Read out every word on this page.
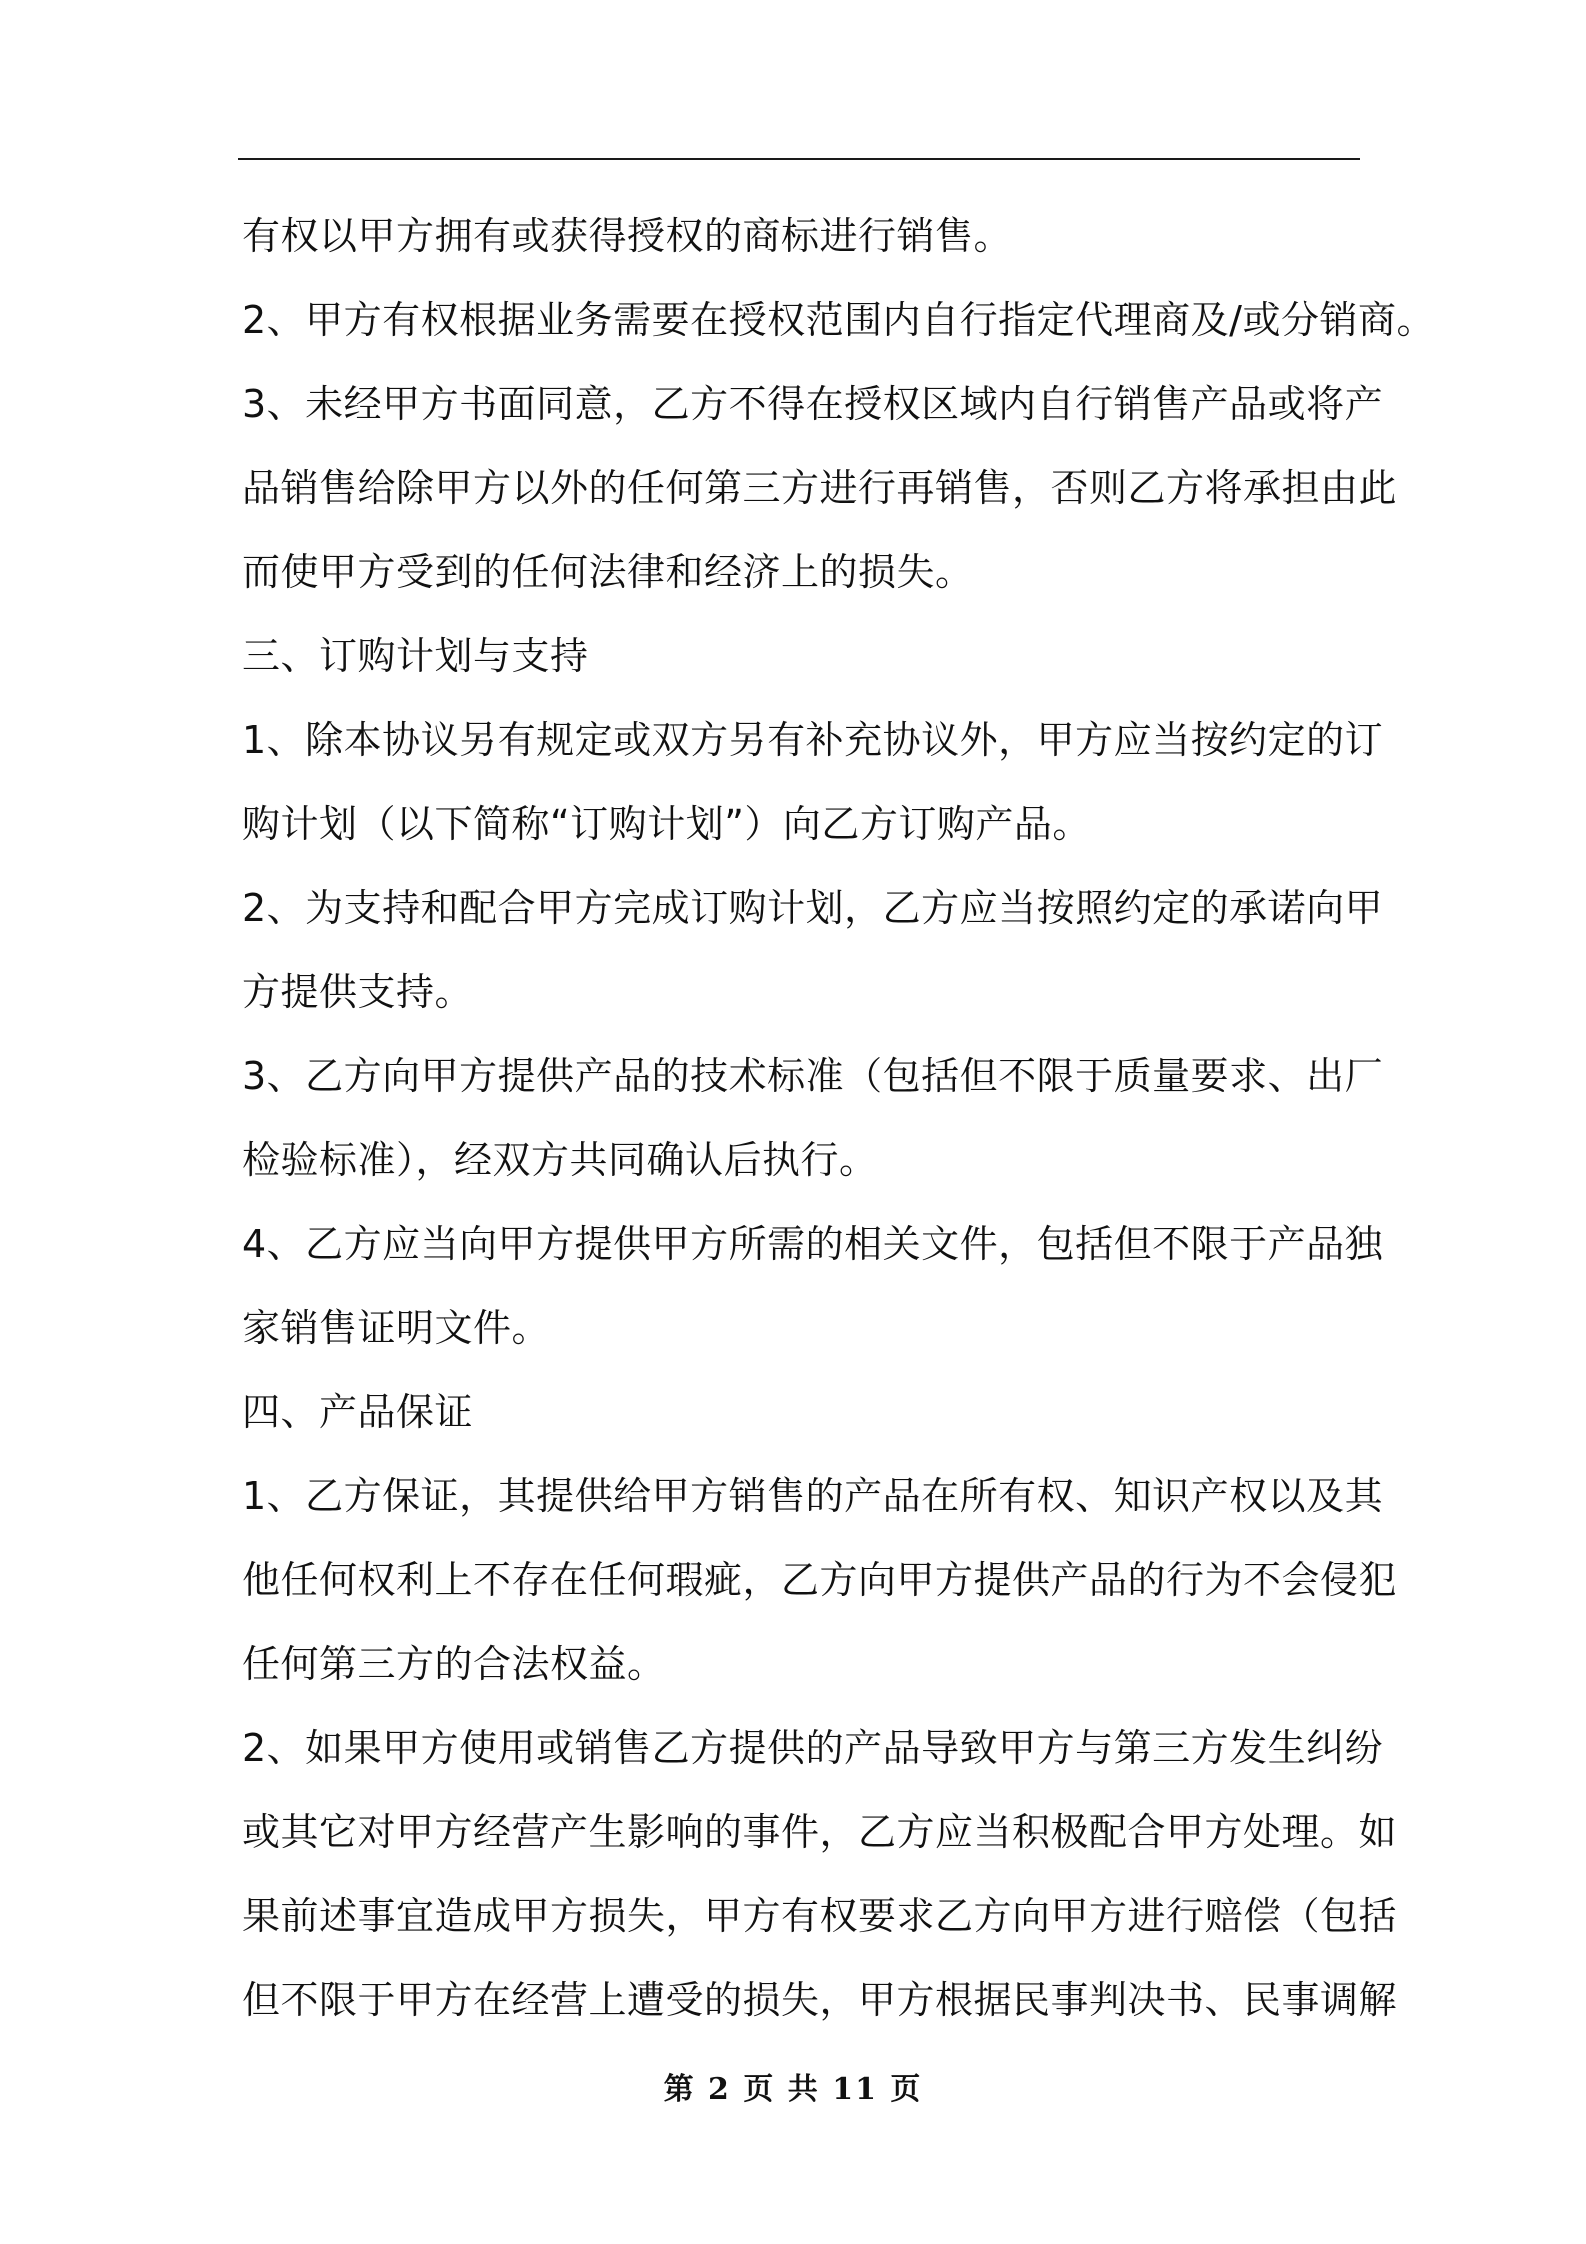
有权以甲方拥有或获得授权的商标进行销售。
2、甲方有权根据业务需要在授权范围内自行指定代理商及/或分销商。
3、未经甲方书面同意，乙方不得在授权区域内自行销售产品或将产
品销售给除甲方以外的任何第三方进行再销售，否则乙方将承担由此
而使甲方受到的任何法律和经济上的损失。
三、订购计划与支持
1、除本协议另有规定或双方另有补充协议外，甲方应当按约定的订
购计划（以下简称“订购计划”）向乙方订购产品。
2、为支持和配合甲方完成订购计划，乙方应当按照约定的承诺向甲
方提供支持。
3、乙方向甲方提供产品的技术标准（包括但不限于质量要求、出厂
检验标准），经双方共同确认后执行。
4、乙方应当向甲方提供甲方所需的相关文件，包括但不限于产品独
家销售证明文件。
四、产品保证
1、乙方保证，其提供给甲方销售的产品在所有权、知识产权以及其
他任何权利上不存在任何瑕疵，乙方向甲方提供产品的行为不会侵犯
任何第三方的合法权益。
2、如果甲方使用或销售乙方提供的产品导致甲方与第三方发生纠纷
或其它对甲方经营产生影响的事件，乙方应当积极配合甲方处理。如
果前述事宜造成甲方损失，甲方有权要求乙方向甲方进行赔偿（包括
但不限于甲方在经营上遭受的损失，甲方根据民事判决书、民事调解
第 2 页 共 11 页
